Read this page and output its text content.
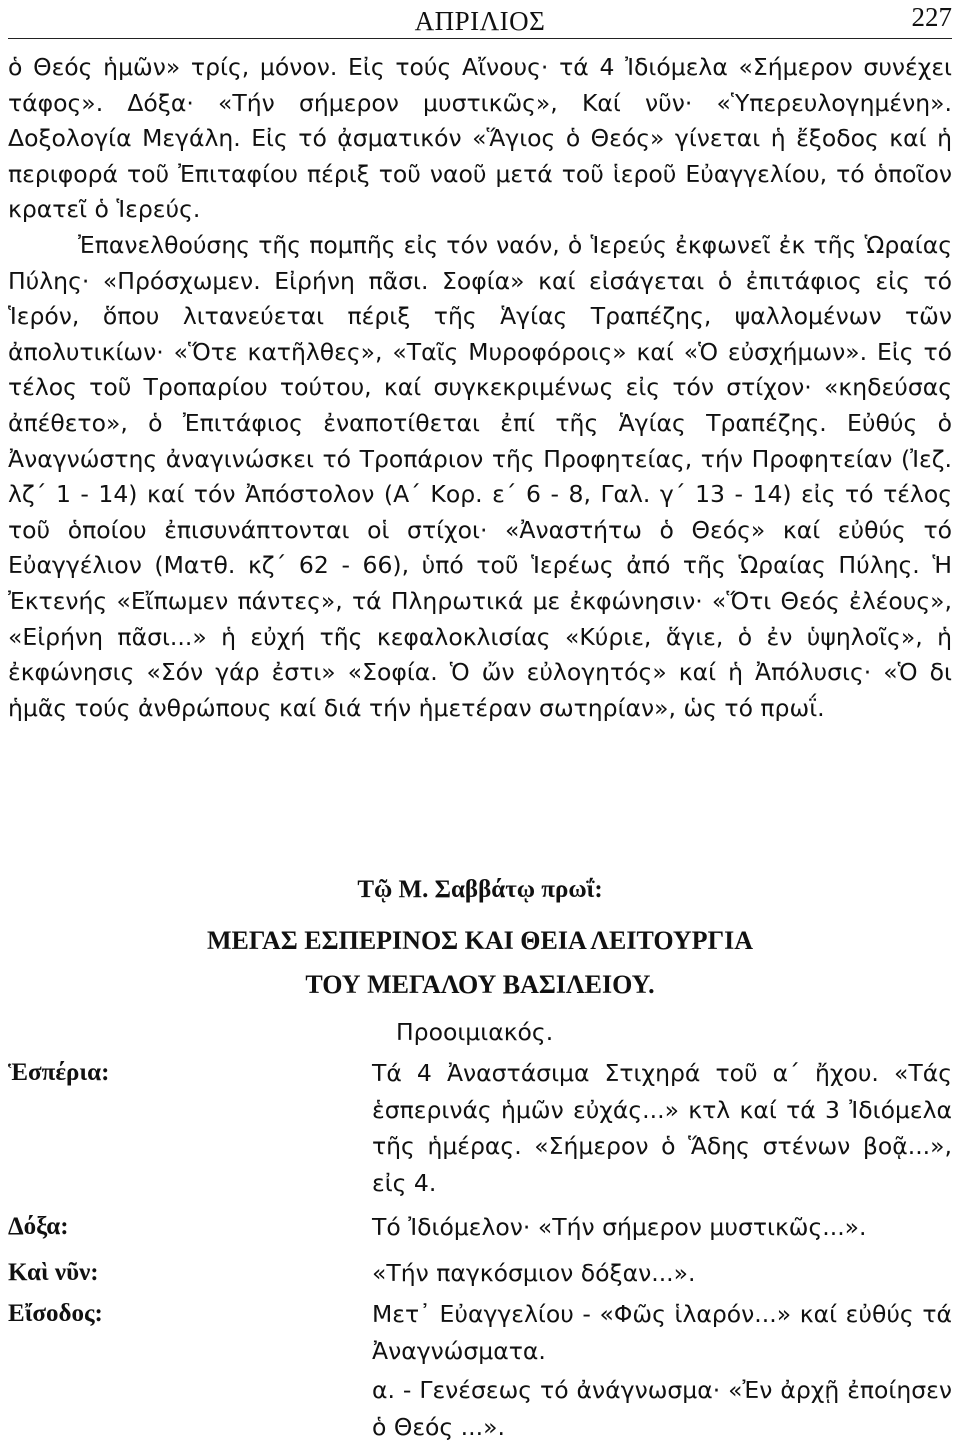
ΑΠΡΙΛΙΟΣ	227

ὁ Θεός ἡμῶν» τρίς, μόνον. Εἰς τούς Αἴνους· τά 4 Ἰδιόμελα «Σήμερον συνέχει τάφος». Δόξα· «Τήν σήμερον μυστικῶς», Καί νῦν· «Ὑπερευλογημένη». Δοξολογία Μεγάλη. Εἰς τό ᾀσματικόν «Ἅγιος ὁ Θεός» γίνεται ἡ ἔξοδος καί ἡ περιφορά τοῦ Ἐπιταφίου πέριξ τοῦ ναοῦ μετά τοῦ ἱεροῦ Εὐαγγελίου, τό ὁποῖον κρατεῖ ὁ Ἱερεύς.

Ἐπανελθούσης τῆς πομπῆς εἰς τόν ναόν, ὁ Ἱερεύς ἐκφωνεῖ ἐκ τῆς Ὡραίας Πύλης· «Πρόσχωμεν. Εἰρήνη πᾶσι. Σοφία» καί εἰσάγεται ὁ ἐπιτάφιος εἰς τό Ἱερόν, ὅπου λιτανεύεται πέριξ τῆς Ἁγίας Τραπέζης, ψαλλομένων τῶν ἀπολυτικίων· «Ὅτε κατῆλθες», «Ταῖς Μυροφόροις» καί «Ὁ εὐσχήμων». Εἰς τό τέλος τοῦ Τροπαρίου τούτου, καί συγκεκριμένως εἰς τόν στίχον· «κηδεύσας ἀπέθετο», ὁ Ἐπιτάφιος ἐναποτίθεται ἐπί τῆς Ἁγίας Τραπέζης. Εὐθύς ὁ Ἀναγνώστης ἀναγινώσκει τό Τροπάριον τῆς Προφητείας, τήν Προφητείαν (Ἰεζ. λζ΄ 1 - 14) καί τόν Ἀπόστολον (Α΄ Κορ. ε΄ 6 - 8, Γαλ. γ΄ 13 - 14) εἰς τό τέλος τοῦ ὁποίου ἐπισυνάπτονται οἱ στίχοι· «Ἀναστήτω ὁ Θεός» καί εὐθύς τό Εὐαγγέλιον (Ματθ. κζ΄ 62 - 66), ὑπό τοῦ Ἱερέως ἀπό τῆς Ὡραίας Πύλης. Ἡ Ἐκτενής «Εἴπωμεν πάντες», τά Πληρωτικά με ἐκφώνησιν· «Ὅτι Θεός ἐλέους», «Εἰρήνη πᾶσι...» ἡ εὐχή τῆς κεφαλοκλισίας «Κύριε, ἅγιε, ὁ ἐν ὑψηλοῖς», ἡ ἐκφώνησις «Σόν γάρ ἐστι» «Σοφία. Ὁ ὤν εὐλογητός» καί ἡ Ἀπόλυσις· «Ὁ δι ἡμᾶς τούς ἀνθρώπους καί διά τήν ἡμετέραν σωτηρίαν», ὡς τό πρωΐ.

Τῷ Μ. Σαββάτῳ πρωΐ:
ΜΕΓΑΣ ΕΣΠΕΡΙΝΟΣ ΚΑΙ ΘΕΙΑ ΛΕΙΤΟΥΡΓΙΑ
ΤΟΥ ΜΕΓΑΛΟΥ ΒΑΣΙΛΕΙΟΥ.
Προοιμιακός.
Ἑσπέρια:	Τά 4 Ἀναστάσιμα Στιχηρά τοῦ α΄ ἤχου. «Τάς ἑσπερινάς ἡμῶν εὐχάς...» κτλ καί τά 3 Ἰδιόμελα τῆς ἡμέρας. «Σήμερον ὁ Ἅδης στένων βοᾷ...», εἰς 4.
Δόξα:	Τό Ἰδιόμελον· «Τήν σήμερον μυστικῶς...».
Καὶ νῦν:	«Τήν παγκόσμιον δόξαν...».
Εἴσοδος:	Μετ᾽ Εὐαγγελίου - «Φῶς ἱλαρόν...» καί εὐθύς τά Ἀναγνώσματα.
α. - Γενέσεως τό ἀνάγνωσμα· «Ἐν ἀρχῇ ἐποίησεν ὁ Θεός ...».
